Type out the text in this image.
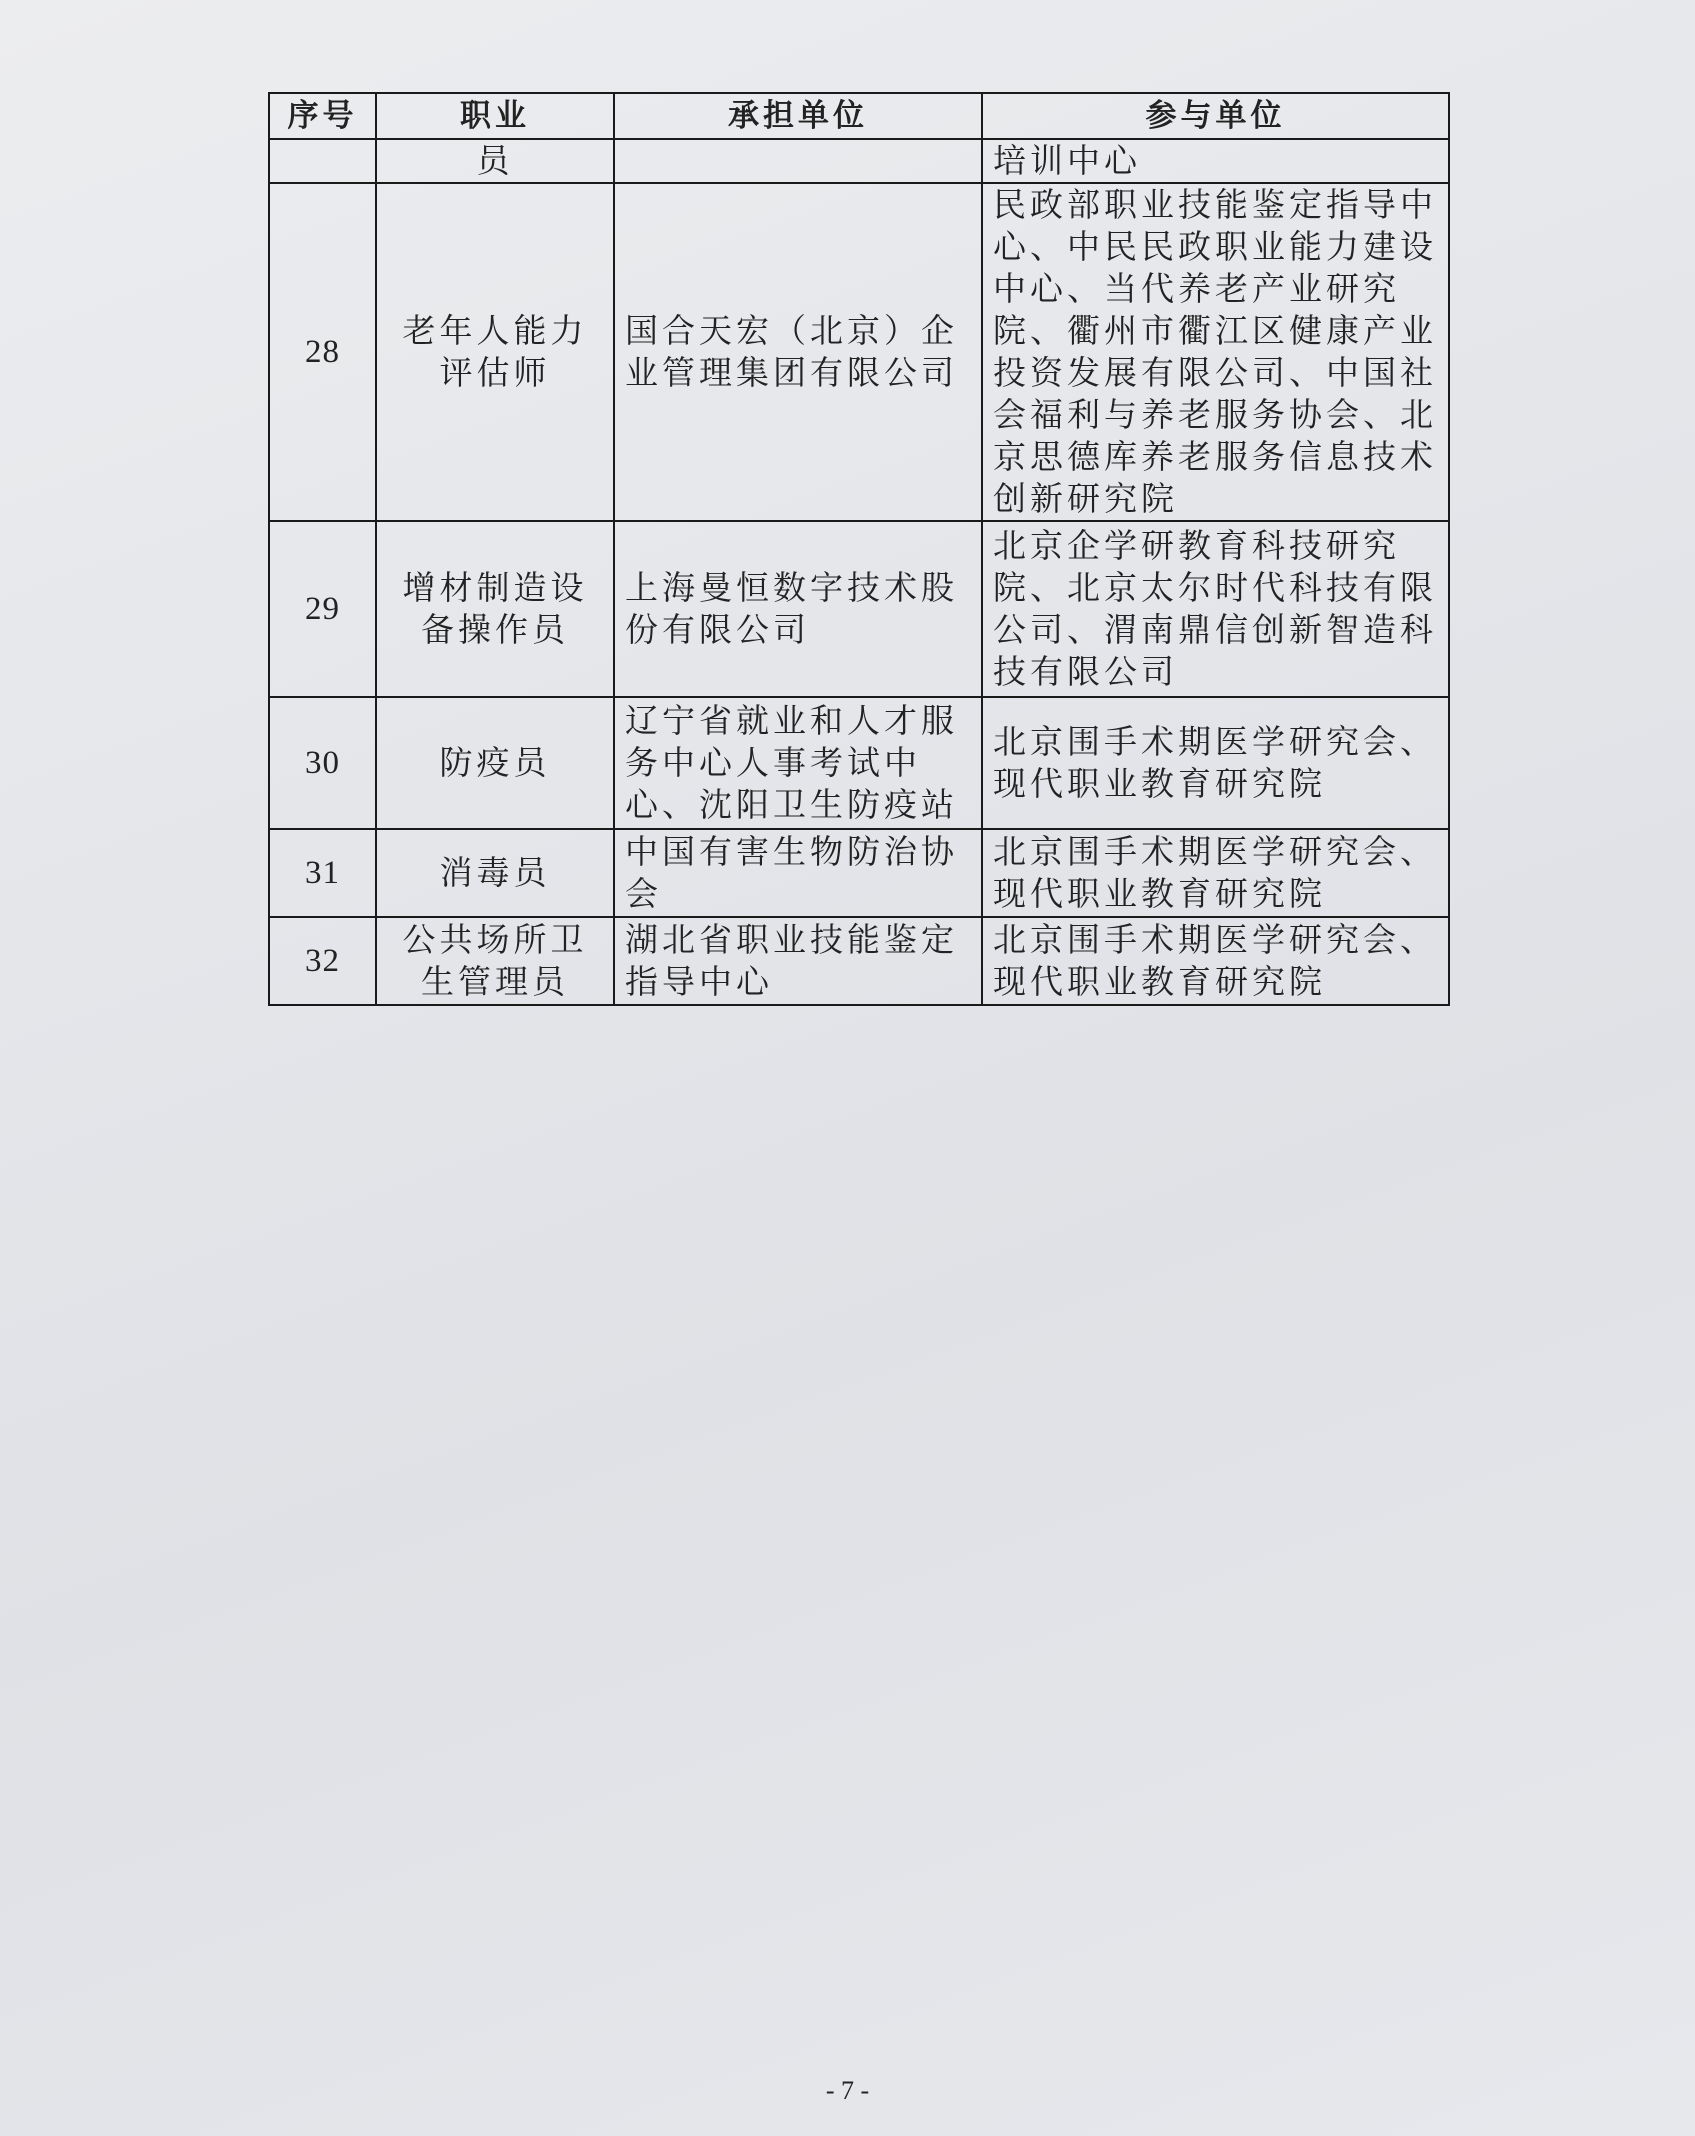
序号	职业	承担单位	参与单位
	员		培训中心
28	老年人能力评估师	国合天宏（北京）企业管理集团有限公司	民政部职业技能鉴定指导中心、中民民政职业能力建设中心、当代养老产业研究院、衢州市衢江区健康产业投资发展有限公司、中国社会福利与养老服务协会、北京思德库养老服务信息技术创新研究院
29	增材制造设备操作员	上海曼恒数字技术股份有限公司	北京企学研教育科技研究院、北京太尔时代科技有限公司、渭南鼎信创新智造科技有限公司
30	防疫员	辽宁省就业和人才服务中心人事考试中心、沈阳卫生防疫站	北京围手术期医学研究会、现代职业教育研究院
31	消毒员	中国有害生物防治协会	北京围手术期医学研究会、现代职业教育研究院
32	公共场所卫生管理员	湖北省职业技能鉴定指导中心	北京围手术期医学研究会、现代职业教育研究院
- 7 -
